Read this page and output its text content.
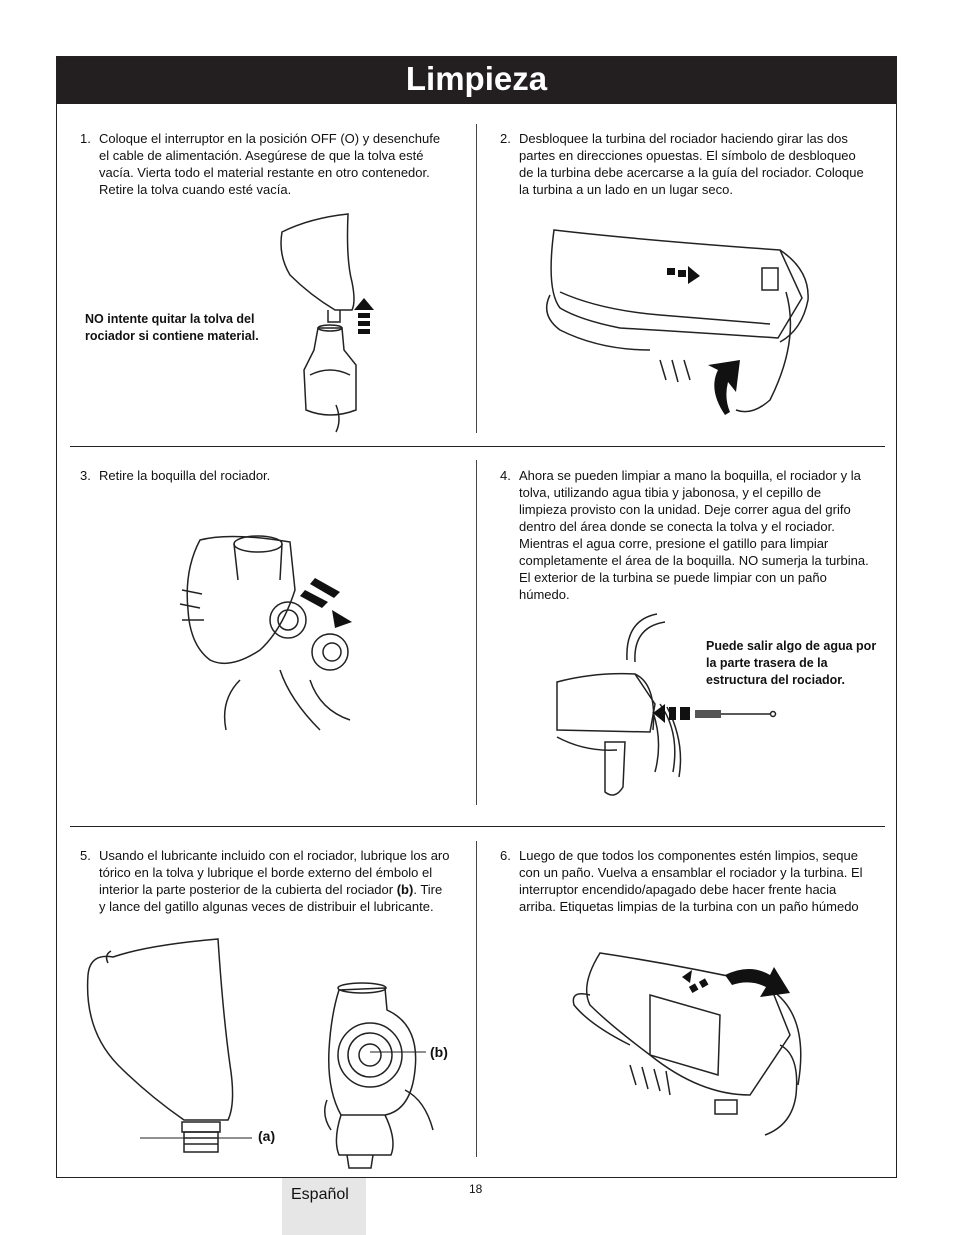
Limpieza
1. Coloque el interruptor en la posición OFF (O) y desenchufe el cable de alimentación. Asegúrese de que la tolva esté vacía. Vierta todo el material restante en otro contenedor. Retire la tolva cuando esté vacía.
NO intente quitar la tolva del rociador si contiene material.
2. Desbloquee la turbina del rociador haciendo girar las dos partes en direcciones opuestas. El símbolo de desbloqueo de la turbina debe acercarse a la guía del rociador. Coloque la turbina a un lado en un lugar seco.
3. Retire la boquilla del rociador.	4. Ahora se pueden limpiar a mano la boquilla, el rociador y la tolva, utilizando agua tibia y jabonosa, y el cepillo de limpieza provisto con la unidad. Deje correr agua del grifo dentro del área donde se conecta la tolva y el rociador. Mientras el agua corre, presione el gatillo para limpiar completamente el área de la boquilla. NO sumerja la turbina. El exterior de la turbina se puede limpiar con un paño húmedo.
Puede salir algo de agua por la parte trasera de la estructura del rociador.
5. Usando el lubricante incluido con el rociador, lubrique los aro tórico en la tolva y lubrique el borde externo del émbolo el interior la parte posterior de la cubierta del rociador (b). Tire y lance del gatillo algunas veces de distribuir el lubricante.
(a)
(b)
6. Luego de que todos los componentes estén limpios, seque con un paño. Vuelva a ensamblar el rociador y la turbina. El interruptor encendido/apagado debe hacer frente hacia arriba. Etiquetas limpias de la turbina con un paño húmedo
Español	18
